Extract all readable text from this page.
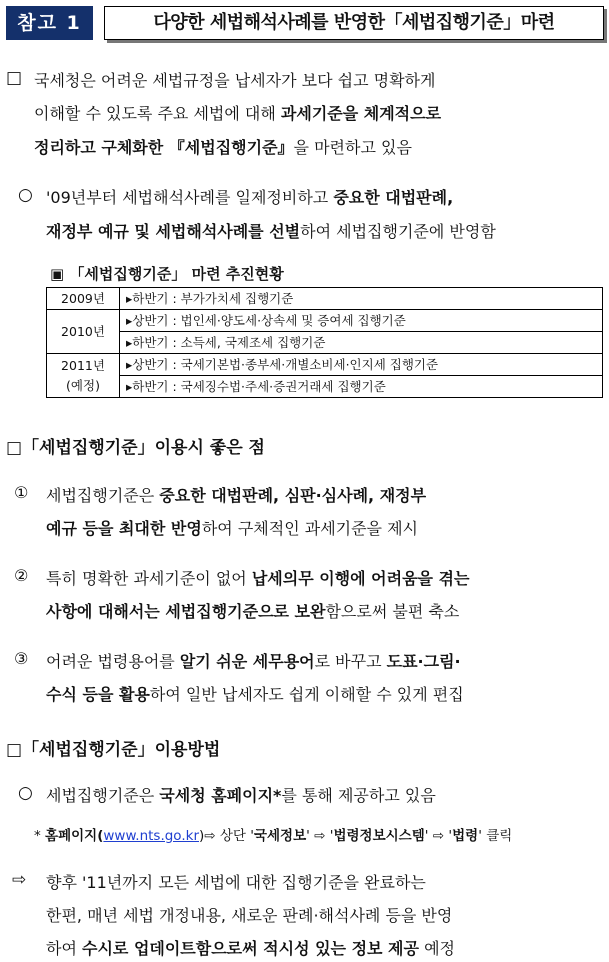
참고 1	다양한 세법해석사례를 반영한「세법집행기준」마련
□ 국세청은 어려운 세법규정을 납세자가 보다 쉽고 명확하게
이해할 수 있도록 주요 세법에 대해 과세기준을 체계적으로
정리하고 구체화한 『세법집행기준』을 마련하고 있음
○ '09년부터 세법해석사례를 일제정비하고 중요한 대법판례,
재정부 예규 및 세법해석사례를 선별하여 세법집행기준에 반영함
▣ 「세법집행기준」 마련 추진현황
2009년	▸하반기 : 부가가치세 집행기준
2010년	▸상반기 : 법인세·양도세·상속세 및 증여세 집행기준
	▸하반기 : 소득세, 국제조세 집행기준

2011년
(예정)	▸상반기 : 국세기본법·종부세·개별소비세·인지세 집행기준
	▸하반기 : 국세징수법·주세·증권거래세 집행기준
□「세법집행기준」이용시 좋은 점
① 세법집행기준은 중요한 대법판례, 심판·심사례, 재정부
예규 등을 최대한 반영하여 구체적인 과세기준을 제시
② 특히 명확한 과세기준이 없어 납세의무 이행에 어려움을 겪는
사항에 대해서는 세법집행기준으로 보완함으로써 불편 축소
③ 어려운 법령용어를 알기 쉬운 세무용어로 바꾸고 도표·그림·
수식 등을 활용하여 일반 납세자도 쉽게 이해할 수 있게 편집
□「세법집행기준」이용방법
○ 세법집행기준은 국세청 홈페이지*를 통해 제공하고 있음
* 홈페이지(www.nts.go.kr)⇨ 상단 '국세정보' ⇨ '법령정보시스템' ⇨ '법령' 클릭
⇨ 향후 '11년까지 모든 세법에 대한 집행기준을 완료하는
한편, 매년 세법 개정내용, 새로운 판례·해석사례 등을 반영
하여 수시로 업데이트함으로써 적시성 있는 정보 제공 예정
